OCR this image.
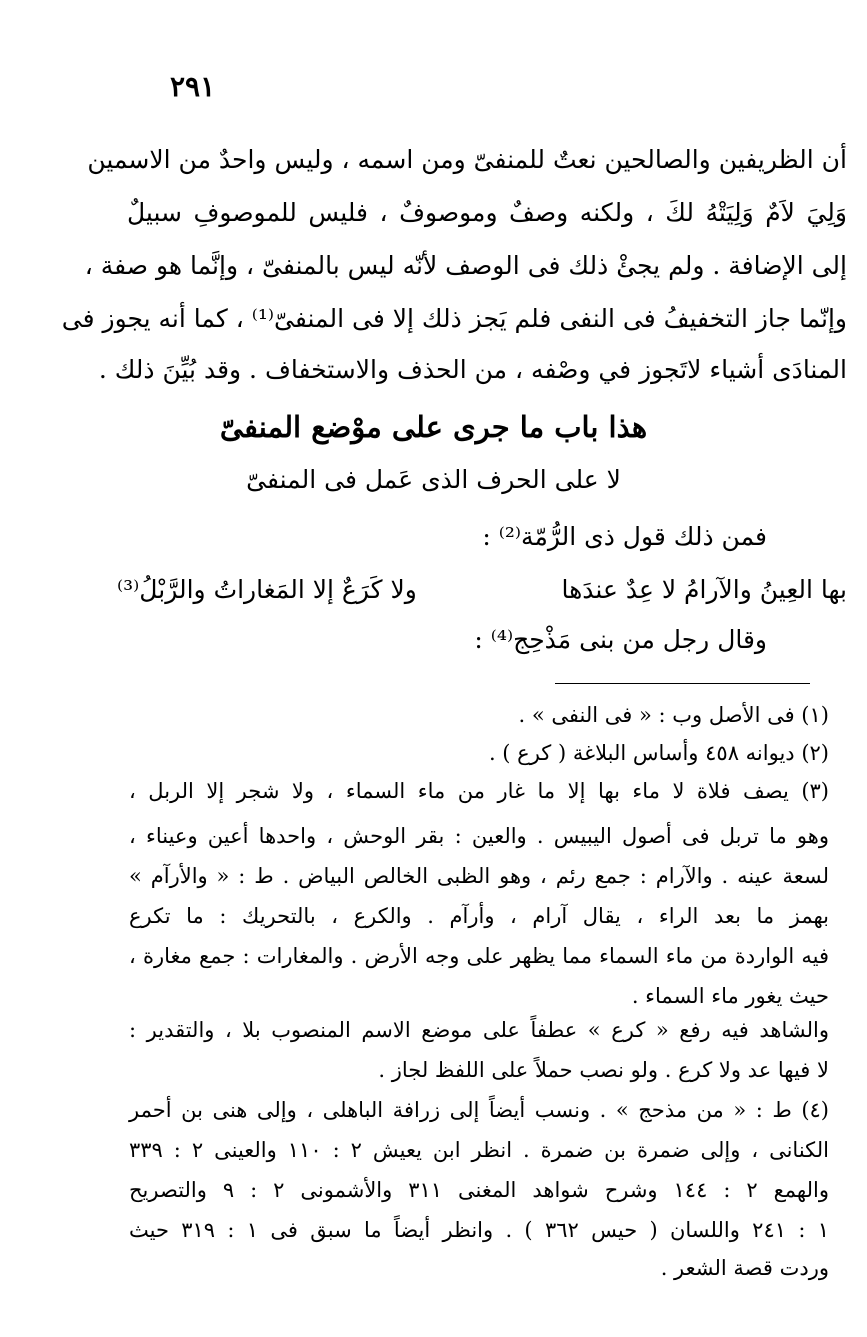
٢٩١
أن الظريفين والصالحين نعتٌ للمنفىّ ومن اسمه ، وليس واحدٌ من الاسمين
وَلِيَ لاَمٌ وَلِيَتْهُ لكَ ، ولكنه وصفٌ وموصوفٌ ، فليس للموصوفِ سبيلٌ
إلى الإضافة . ولم يجئْ ذلك فى الوصف لأنّه ليس بالمنفىّ ، وإنَّما هو صفة ،
وإنّما جاز التخفيفُ فى النفى فلم يَجز ذلك إلا فى المنفىّ⁽¹⁾ ، كما أنه يجوز فى
المنادَى أشياء لاتَجوز في وصْفه ، من الحذف والاستخفاف . وقد بُيِّنَ ذلك .
هذا باب ما جرى على موْضع المنفىّ
لا على الحرف الذى عَمل فى المنفىّ
فمن ذلك قول ذى الرُّمّة⁽²⁾ :
بها العِينُ والآرامُ لا عِدٌ عندَها
ولا كَرَعٌ إلا المَغاراتُ والرَّبْلُ⁽³⁾
وقال رجل من بنى مَذْحِج⁽⁴⁾ :
(١) فى الأصل وب : « فى النفى » .
(٢) ديوانه ٤٥٨ وأساس البلاغة ( كرع ) .
(٣) يصف فلاة لا ماء بها إلا ما غار من ماء السماء ، ولا شجر إلا الربل ،
وهو ما تربل فى أصول اليبيس . والعين : بقر الوحش ، واحدها أعين وعيناء ،
لسعة عينه . والآرام : جمع رئم ، وهو الظبى الخالص البياض . ط : « والأرآم »
بهمز ما بعد الراء ، يقال آرام ، وأرآم . والكرع ، بالتحريك : ما تكرع
فيه الواردة من ماء السماء مما يظهر على وجه الأرض . والمغارات : جمع مغارة ،
حيث يغور ماء السماء .
والشاهد فيه رفع « كرع » عطفاً على موضع الاسم المنصوب بلا ، والتقدير :
لا فيها عد ولا كرع . ولو نصب حملاً على اللفظ لجاز .
(٤) ط : « من مذحج » . ونسب أيضاً إلى زرافة الباهلى ، وإلى هنى بن أحمر
الكنانى ، وإلى ضمرة بن ضمرة . انظر ابن يعيش ٢ : ١١٠ والعينى ٢ : ٣٣٩
والهمع ٢ : ١٤٤ وشرح شواهد المغنى ٣١١ والأشمونى ٢ : ٩ والتصريح
١ : ٢٤١ واللسان ( حيس ٣٦٢ ) . وانظر أيضاً ما سبق فى ١ : ٣١٩ حيث
وردت قصة الشعر .
